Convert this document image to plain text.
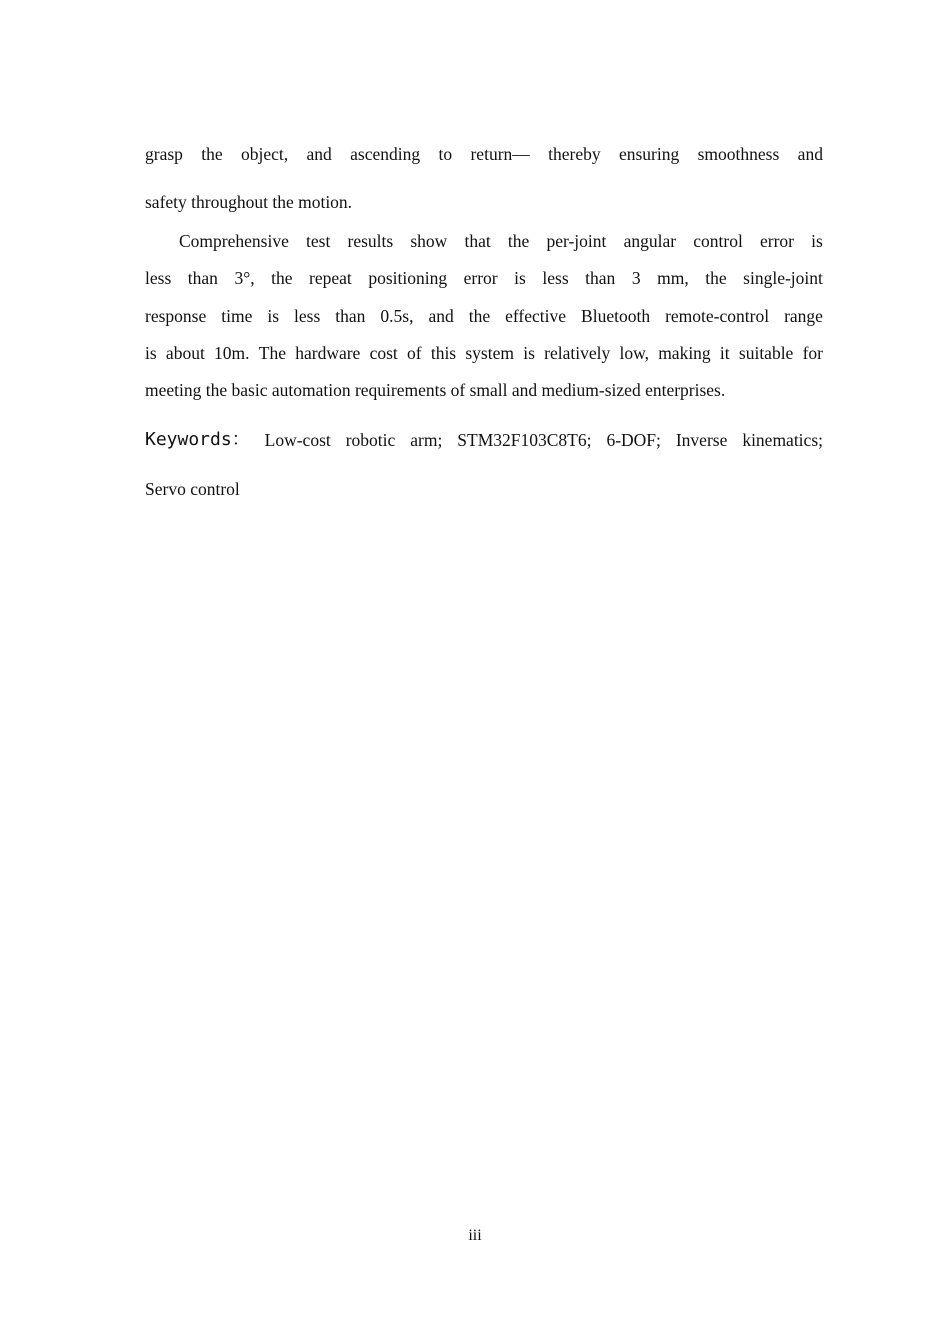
grasp the object, and ascending to return— thereby ensuring smoothness and
safety throughout the motion.
Comprehensive test results show that the per-joint angular control error is
less than 3°, the repeat positioning error is less than 3 mm, the single-joint
response time is less than 0.5s, and the effective Bluetooth remote-control range
is about 10m. The hardware cost of this system is relatively low, making it suitable for
meeting the basic automation requirements of small and medium-sized enterprises.
Keywords： Low-cost robotic arm; STM32F103C8T6; 6-DOF; Inverse kinematics;
Servo control
iii
